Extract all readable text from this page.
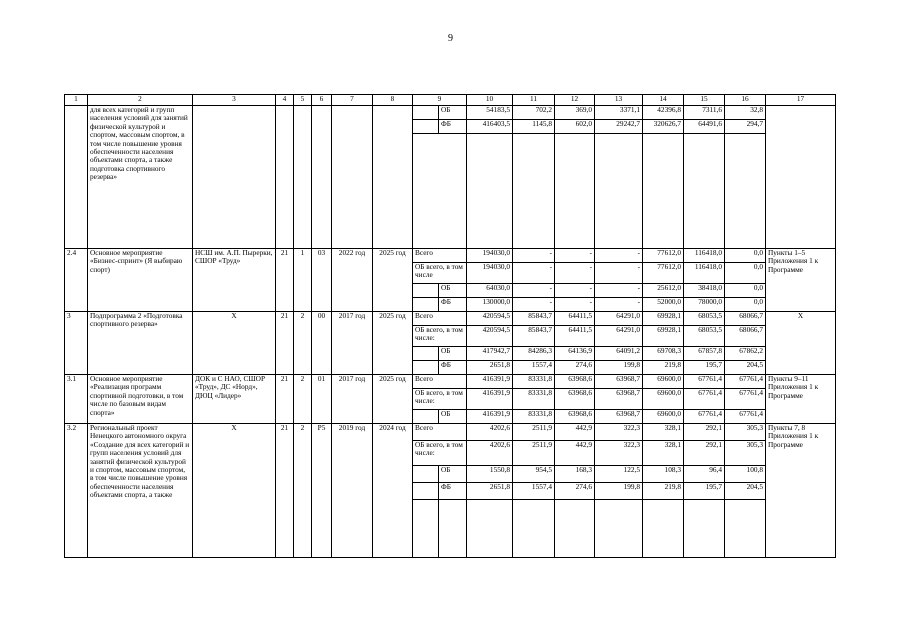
9
1	2	3	4	5	6	7	8	9		10	11	12	13	14	15	16	17	
	для всех категорий и групп населения условий для занятий физической культурой и спортом, массовым спортом, в том числе повышение уровня обеспеченности населения объектами спорта, а также подготовка спортивного резерва»								ОБ	54183,5	702,2	369,0	3371,1	42396,8	7311,6	32,8		
									ФБ	416403,5	1145,8	602,0	29242,7	320626,7	64491,6	294,7		

2.4	Основное мероприятие «Бизнес-спринт» (Я выбираю спорт)	НСШ им. А.П. Пырерки, СШОР «Труд»	21	1	03	2022 год	2025 год	Всего		194030,0	-	-	-	77612,0	116418,0	0,0	Пункты 1–5 Приложения 1 к Программе	
								ОБ всего, в том числе		194030,0	-	-	-	77612,0	116418,0	0,0		
									ОБ	64030,0	-	-	-	25612,0	38418,0	0,0		
									ФБ	130000,0	-	-	-	52000,0	78000,0	0,0		
3	Подпрограмма 2 «Подготовка спортивного резерва»	Х	21	2	00	2017 год	2025 год	Всего		420594,5	85843,7	64411,5	64291,0	69928,1	68053,5	68066,7	Х	
								ОБ всего, в том числе:		420594,5	85843,7	64411,5	64291,0	69928,1	68053,5	68066,7		
									ОБ	417942,7	84286,3	64136,9	64091,2	69708,3	67857,8	67862,2		
									ФБ	2651,8	1557,4	274,6	199,8	219,8	195,7	204,5		
3.1	Основное мероприятие «Реализация программ спортивной подготовки, в том числе по базовым видам спорта»	ДОК и С НАО, СШОР «Труд», ДС «Норд», ДЮЦ «Лидер»	21	2	01	2017 год	2025 год	Всего		416391,9	83331,8	63968,6	63968,7	69600,0	67761,4	67761,4	Пункты 9–11 Приложения 1 к Программе	
								ОБ всего, в том числе:		416391,9	83331,8	63968,6	63968,7	69600,0	67761,4	67761,4		
									ОБ	416391,9	83331,8	63968,6	63968,7	69600,0	67761,4	67761,4		
3.2	Региональный проект Ненецкого автономного округа «Создание для всех категорий и групп населения условий для занятий физической культурой и спортом, массовым спортом, в том числе повышение уровня обеспеченности населения объектами спорта, а также	Х	21	2	P5	2019 год	2024 год	Всего		4202,6	2511,9	442,9	322,3	328,1	292,1	305,3	Пункты 7, 8 Приложения 1 к Программе	
								ОБ всего, в том числе:		4202,6	2511,9	442,9	322,3	328,1	292,1	305,3		
									ОБ	1550,8	954,5	168,3	122,5	108,3	96,4	100,8		
									ФБ	2651,8	1557,4	274,6	199,8	219,8	195,7	204,5		
